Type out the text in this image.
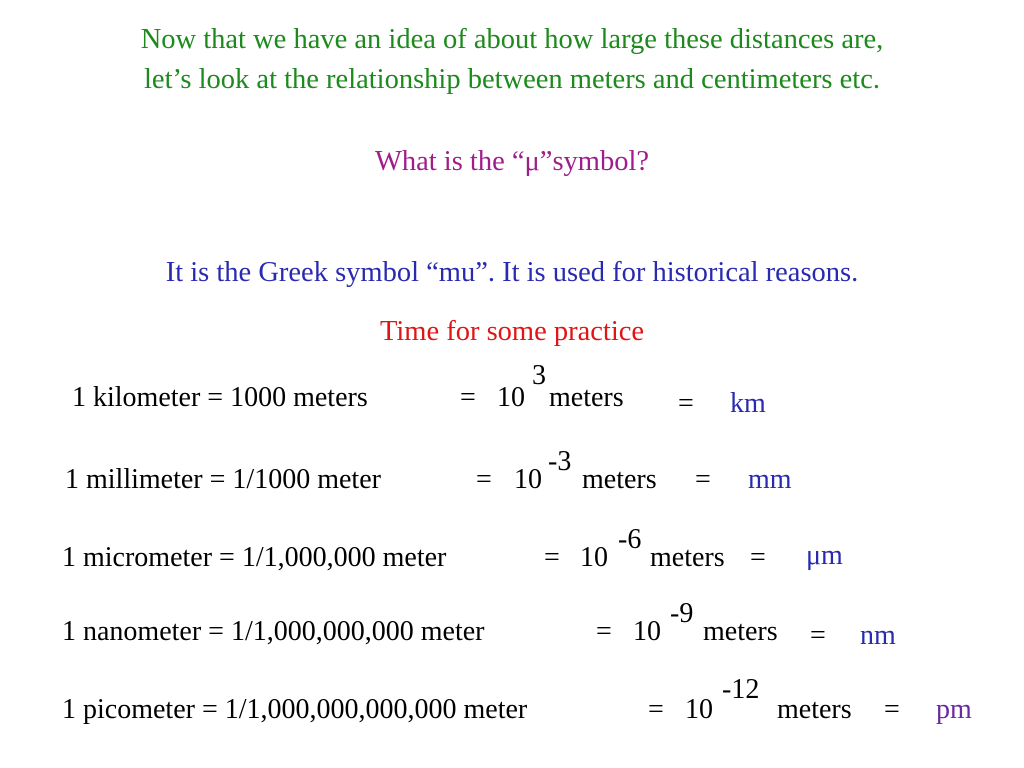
Now that we have an idea of about how large these distances are,
let’s look at the relationship between meters and centimeters etc.
What is the “μ”symbol?
It is the Greek symbol “mu”. It is used for historical reasons.
Time for some practice
1 kilometer = 1000 meters	= 10
3
meters = km
1 millimeter = 1/1000 meter	= 10
-3
meters = mm
1 micrometer = 1/1,000,000 meter	= 10
-6
meters = μm
1 nanometer = 1/1,000,000,000 meter	= 10
-9
meters = nm
1 picometer = 1/1,000,000,000,000 meter	= 10
-12
meters = pm
